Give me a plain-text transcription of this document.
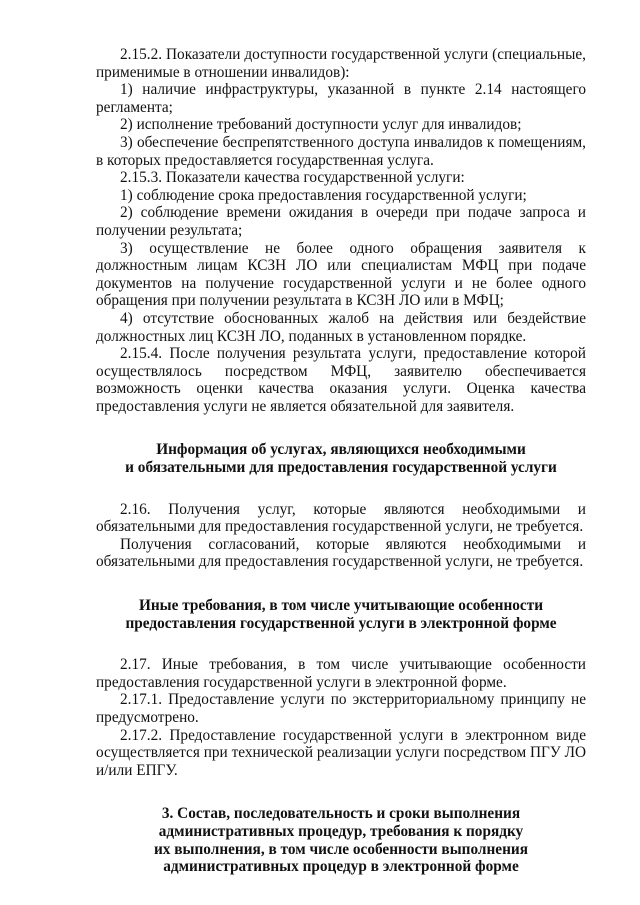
2.15.2. Показатели доступности государственной услуги (специальные, применимые в отношении инвалидов):

1) наличие инфраструктуры, указанной в пункте 2.14 настоящего регламента;

2) исполнение требований доступности услуг для инвалидов;

3) обеспечение беспрепятственного доступа инвалидов к помещениям, в которых предоставляется государственная услуга.

2.15.3. Показатели качества государственной услуги:

1) соблюдение срока предоставления государственной услуги;

2) соблюдение времени ожидания в очереди при подаче запроса и получении результата;

3) осуществление не более одного обращения заявителя к должностным лицам КСЗН ЛО или специалистам МФЦ при подаче документов на получение государственной услуги и не более одного обращения при получении результата в КСЗН ЛО или в МФЦ;

4) отсутствие обоснованных жалоб на действия или бездействие должностных лиц КСЗН ЛО, поданных в установленном порядке.

2.15.4. После получения результата услуги, предоставление которой осуществлялось посредством МФЦ, заявителю обеспечивается возможность оценки качества оказания услуги. Оценка качества предоставления услуги не является обязательной для заявителя.

Информация об услугах, являющихся необходимыми
и обязательными для предоставления государственной услуги

2.16. Получения услуг, которые являются необходимыми и обязательными для предоставления государственной услуги, не требуется.

Получения согласований, которые являются необходимыми и обязательными для предоставления государственной услуги, не требуется.

Иные требования, в том числе учитывающие особенности
предоставления государственной услуги в электронной форме

2.17. Иные требования, в том числе учитывающие особенности предоставления государственной услуги в электронной форме.

2.17.1. Предоставление услуги по экстерриториальному принципу не предусмотрено.

2.17.2. Предоставление государственной услуги в электронном виде осуществляется при технической реализации услуги посредством ПГУ ЛО и/или ЕПГУ.

3. Состав, последовательность и сроки выполнения
административных процедур, требования к порядку
их выполнения, в том числе особенности выполнения
административных процедур в электронной форме
